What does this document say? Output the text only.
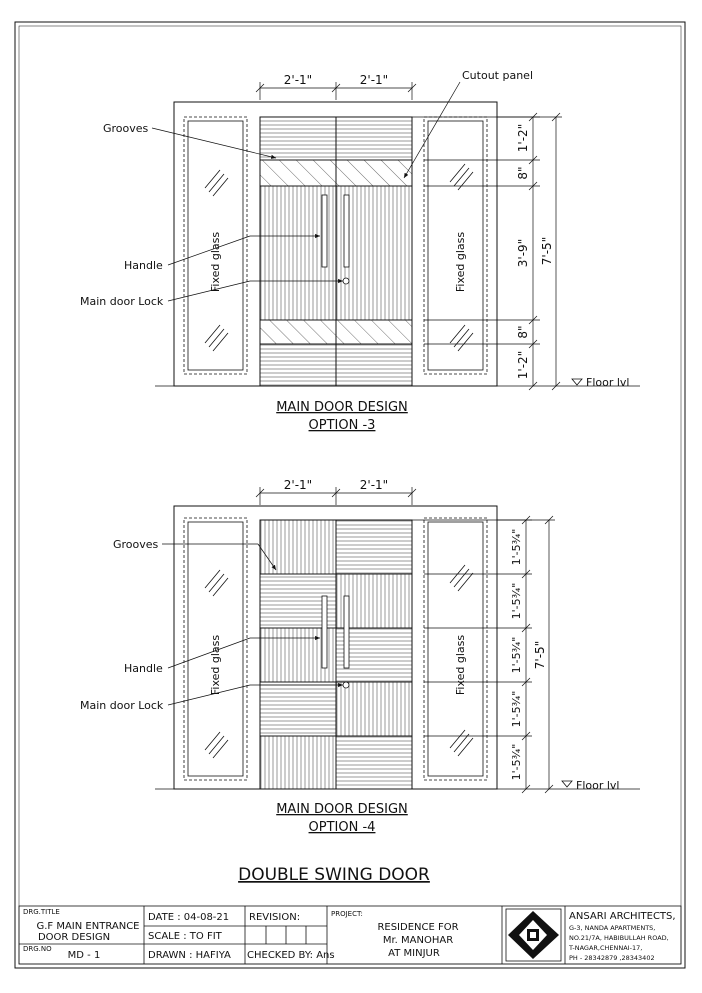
2'-1"	2'-1"	Cutout panel
Grooves
Handle
Main door Lock
Fixed glass	Fixed glass
1'-2"
8"
3'-9"
8"
1'-2"
7'-5"
Floor lvl
MAIN DOOR DESIGN
OPTION -3
2'-1"	2'-1"
Grooves
Handle
Main door Lock
Fixed glass	Fixed glass
1'-5¾"
1'-5¾"
1'-5¾"
1'-5¾"
1'-5¾"
7'-5"
Floor lvl
MAIN DOOR DESIGN
OPTION -4
DOUBLE SWING DOOR
DRG.TITLE
G.F MAIN ENTRANCE
DOOR DESIGN
DRG.NO
MD - 1
DATE : 04-08-21
SCALE : TO FIT
DRAWN : HAFIYA
REVISION:
CHECKED BY: Ans
PROJECT:
RESIDENCE FOR
Mr. MANOHAR
AT MINJUR
ANSARI ARCHITECTS,
G-3, NANDA APARTMENTS,
NO.21/7A, HABIBULLAH ROAD,
T-NAGAR,CHENNAI-17,
PH - 28342879 ,28343402
